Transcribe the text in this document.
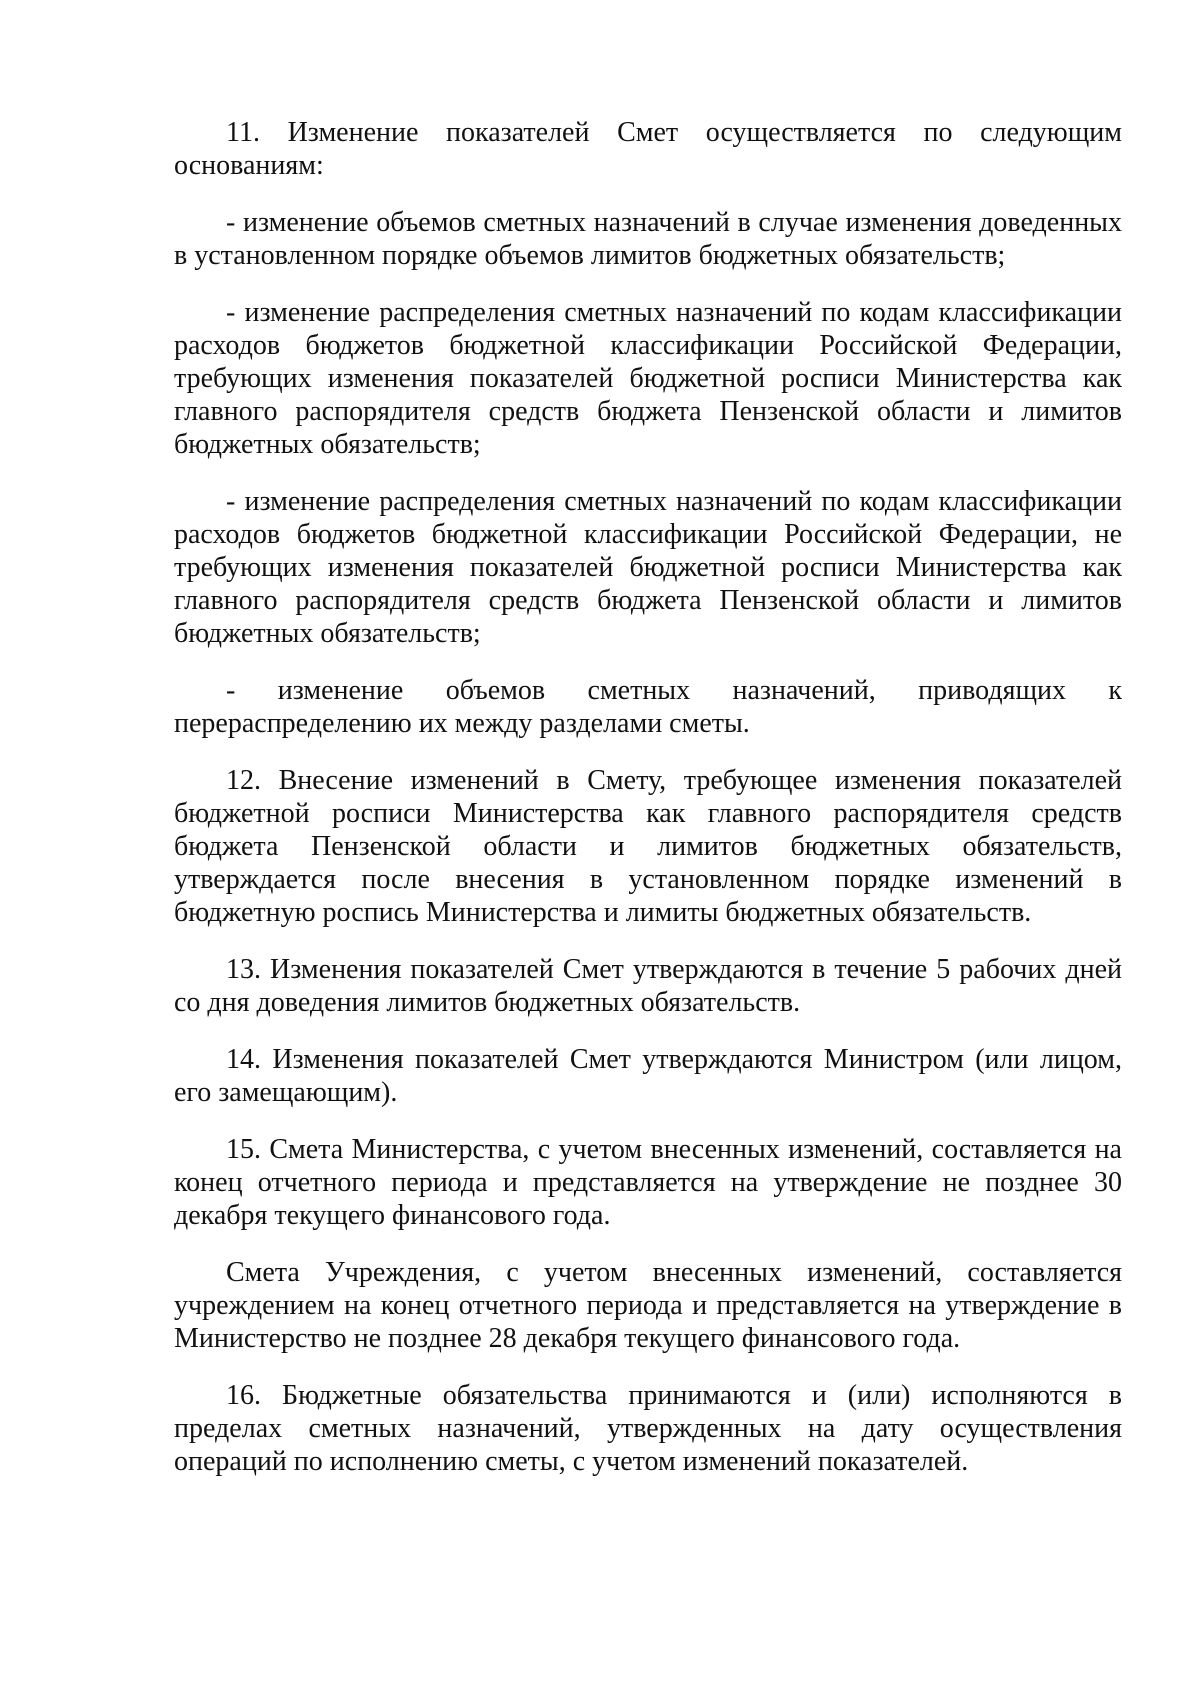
11. Изменение показателей Смет осуществляется по следующим основаниям:

- изменение объемов сметных назначений в случае изменения доведенных в установленном порядке объемов лимитов бюджетных обязательств;

- изменение распределения сметных назначений по кодам классификации расходов бюджетов бюджетной классификации Российской Федерации, требующих изменения показателей бюджетной росписи Министерства как главного распорядителя средств бюджета Пензенской области и лимитов бюджетных обязательств;

- изменение распределения сметных назначений по кодам классификации расходов бюджетов бюджетной классификации Российской Федерации, не требующих изменения показателей бюджетной росписи Министерства как главного распорядителя средств бюджета Пензенской области и лимитов бюджетных обязательств;

- изменение объемов сметных назначений, приводящих к перераспределению их между разделами сметы.

12. Внесение изменений в Смету, требующее изменения показателей бюджетной росписи Министерства как главного распорядителя средств бюджета Пензенской области и лимитов бюджетных обязательств, утверждается после внесения в установленном порядке изменений в бюджетную роспись Министерства и лимиты бюджетных обязательств.

13. Изменения показателей Смет утверждаются в течение 5 рабочих дней со дня доведения лимитов бюджетных обязательств.

14. Изменения показателей Смет утверждаются Министром (или лицом, его замещающим).

15. Смета Министерства, с учетом внесенных изменений, составляется на конец отчетного периода и представляется на утверждение не позднее 30 декабря текущего финансового года.

Смета Учреждения, с учетом внесенных изменений, составляется учреждением на конец отчетного периода и представляется на утверждение в Министерство не позднее 28 декабря текущего финансового года.

16. Бюджетные обязательства принимаются и (или) исполняются в пределах сметных назначений, утвержденных на дату осуществления операций по исполнению сметы, с учетом изменений показателей.
